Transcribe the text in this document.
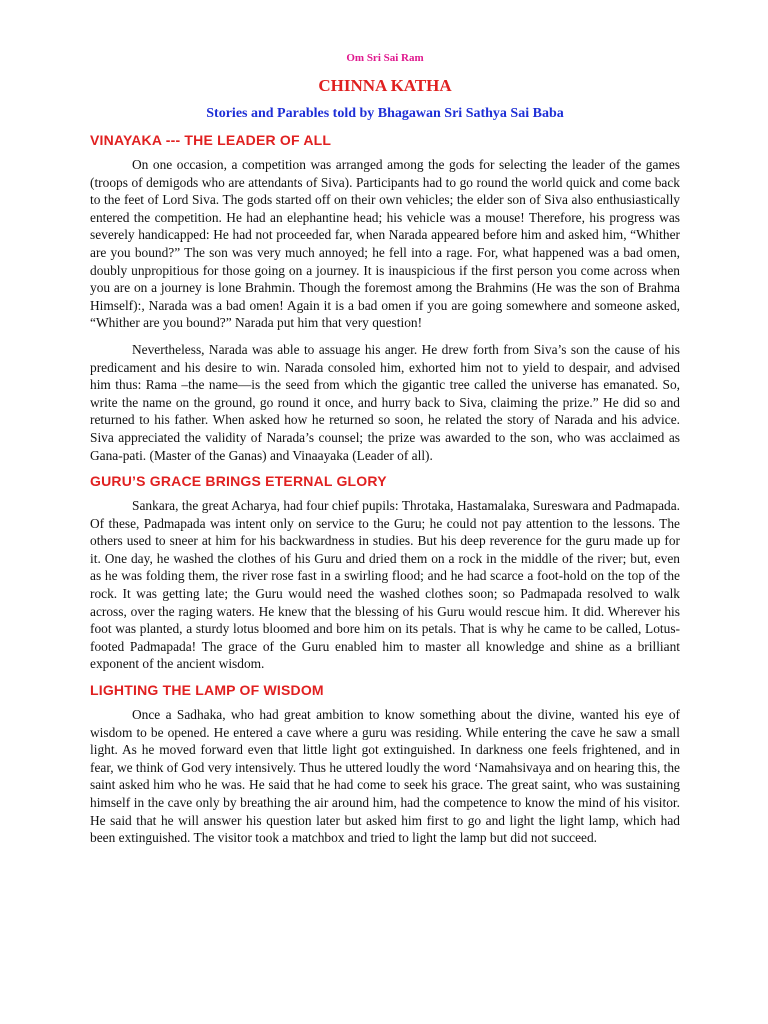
Om Sri Sai Ram
CHINNA KATHA
Stories and Parables told by Bhagawan Sri Sathya Sai Baba
VINAYAKA --- THE LEADER OF ALL

On one occasion, a competition was arranged among the gods for selecting the leader of the games (troops of demigods who are attendants of Siva). Participants had to go round the world quick and come back to the feet of Lord Siva. The gods started off on their own vehicles; the elder son of Siva also enthusiastically entered the competition. He had an elephantine head; his vehicle was a mouse! Therefore, his progress was severely handicapped: He had not proceeded far, when Narada appeared before him and asked him, “Whither are you bound?” The son was very much annoyed; he fell into a rage. For, what happened was a bad omen, doubly unpropitious for those going on a journey. It is inauspicious if the first person you come across when you are on a journey is lone Brahmin. Though the foremost among the Brahmins (He was the son of Brahma Himself):, Narada was a bad omen! Again it is a bad omen if you are going somewhere and someone asked, “Whither are you bound?” Narada put him that very question!

Nevertheless, Narada was able to assuage his anger. He drew forth from Siva’s son the cause of his predicament and his desire to win. Narada consoled him, exhorted him not to yield to despair, and advised him thus: Rama –the name—is the seed from which the gigantic tree called the universe has emanated. So, write the name on the ground, go round it once, and hurry back to Siva, claiming the prize.” He did so and returned to his father. When asked how he returned so soon, he related the story of Narada and his advice. Siva appreciated the validity of Narada’s counsel; the prize was awarded to the son, who was acclaimed as Gana-pati. (Master of the Ganas) and Vinaayaka (Leader of all).

GURU’S GRACE BRINGS ETERNAL GLORY

Sankara, the great Acharya, had four chief pupils: Throtaka, Hastamalaka, Sureswara and Padmapada. Of these, Padmapada was intent only on service to the Guru; he could not pay attention to the lessons. The others used to sneer at him for his backwardness in studies. But his deep reverence for the guru made up for it. One day, he washed the clothes of his Guru and dried them on a rock in the middle of the river; but, even as he was folding them, the river rose fast in a swirling flood; and he had scarce a foot-hold on the top of the rock. It was getting late; the Guru would need the washed clothes soon; so Padmapada resolved to walk across, over the raging waters. He knew that the blessing of his Guru would rescue him. It did. Wherever his foot was planted, a sturdy lotus bloomed and bore him on its petals. That is why he came to be called, Lotus-footed Padmapada! The grace of the Guru enabled him to master all knowledge and shine as a brilliant exponent of the ancient wisdom.

LIGHTING THE LAMP OF WISDOM

Once a Sadhaka, who had great ambition to know something about the divine, wanted his eye of wisdom to be opened. He entered a cave where a guru was residing. While entering the cave he saw a small light. As he moved forward even that little light got extinguished. In darkness one feels frightened, and in fear, we think of God very intensively. Thus he uttered loudly the word ‘Namahsivaya and on hearing this, the saint asked him who he was. He said that he had come to seek his grace. The great saint, who was sustaining himself in the cave only by breathing the air around him, had the competence to know the mind of his visitor. He said that he will answer his question later but asked him first to go and light the light lamp, which had been extinguished. The visitor took a matchbox and tried to light the lamp but did not succeed.
